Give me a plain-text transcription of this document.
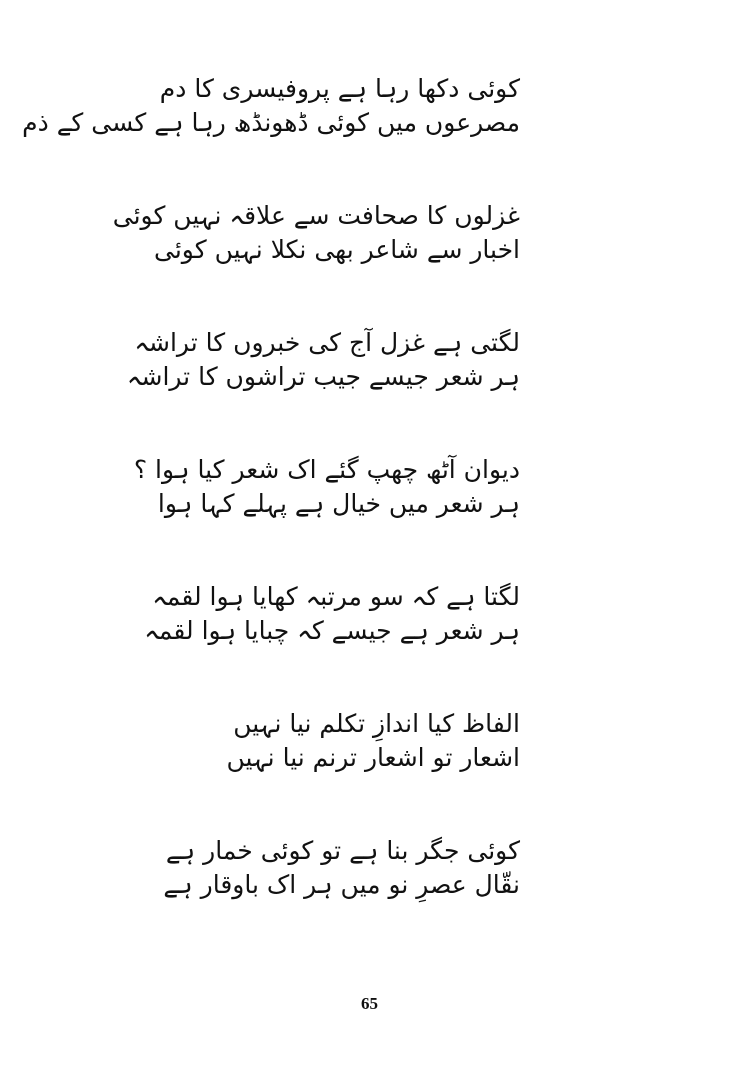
کوئی دکھا رہا ہے پروفیسری کا دم
مصرعوں میں کوئی ڈھونڈھ رہا ہے کسی کے ذم
غزلوں کا صحافت سے علاقہ نہیں کوئی
اخبار سے شاعر بھی نکلا نہیں کوئی
لگتی ہے غزل آج کی خبروں کا تراشہ
ہر شعر جیسے جیب تراشوں کا تراشہ
دیوان آٹھ چھپ گئے اک شعر کیا ہوا ؟
ہر شعر میں خیال ہے پہلے کہا ہوا
لگتا ہے کہ سو مرتبہ کھایا ہوا لقمہ
ہر شعر ہے جیسے کہ چبایا ہوا لقمہ
الفاظ کیا اندازِ تکلم نیا نہیں
اشعار تو اشعار ترنم نیا نہیں
کوئی جگر بنا ہے تو کوئی خمار ہے
نقّال عصرِ نو میں ہر اک باوقار ہے
65
